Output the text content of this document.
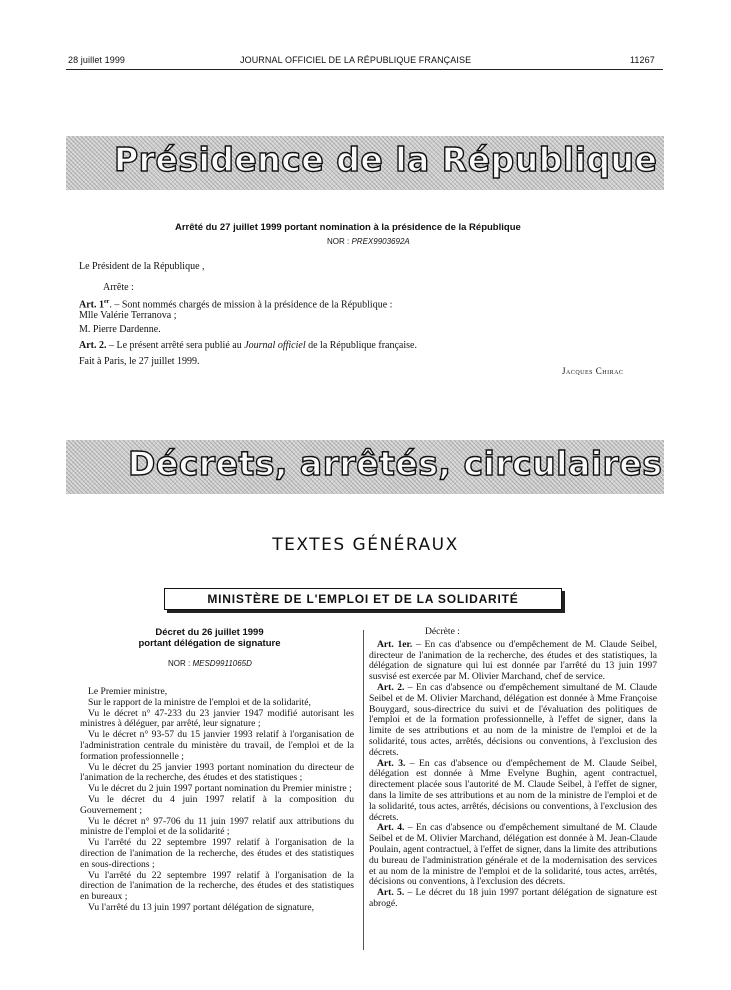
28 juillet 1999	JOURNAL OFFICIEL DE LA RÉPUBLIQUE FRANÇAISE	11267
Présidence de la République
Arrêté du 27 juillet 1999 portant nomination à la présidence de la République
NOR : PREX9903692A
Le Président de la République ,
Arrête :
Art. 1er. – Sont nommés chargés de mission à la présidence de la République :
Mlle Valérie Terranova ;
M. Pierre Dardenne.
Art. 2. – Le présent arrêté sera publié au Journal officiel de la République française.
Fait à Paris, le 27 juillet 1999.
Jacques Chirac
Décrets, arrêtés, circulaires
TEXTES GÉNÉRAUX
MINISTÈRE DE L'EMPLOI ET DE LA SOLIDARITÉ
Décret du 26 juillet 1999
portant délégation de signature
NOR : MESD9911065D

Le Premier ministre,

Sur le rapport de la ministre de l'emploi et de la solidarité,

Vu le décret n° 47-233 du 23 janvier 1947 modifié autorisant les ministres à déléguer, par arrêté, leur signature ;

Vu le décret n° 93-57 du 15 janvier 1993 relatif à l'organisation de l'administration centrale du ministère du travail, de l'emploi et de la formation professionnelle ;

Vu le décret du 25 janvier 1993 portant nomination du directeur de l'animation de la recherche, des études et des statistiques ;

Vu le décret du 2 juin 1997 portant nomination du Premier ministre ;

Vu le décret du 4 juin 1997 relatif à la composition du Gouvernement ;

Vu le décret n° 97-706 du 11 juin 1997 relatif aux attributions du ministre de l'emploi et de la solidarité ;

Vu l'arrêté du 22 septembre 1997 relatif à l'organisation de la direction de l'animation de la recherche, des études et des statistiques en sous-directions ;

Vu l'arrêté du 22 septembre 1997 relatif à l'organisation de la direction de l'animation de la recherche, des études et des statistiques en bureaux ;

Vu l'arrêté du 13 juin 1997 portant délégation de signature,

Décrète :

Art. 1er. – En cas d'absence ou d'empêchement de M. Claude Seibel, directeur de l'animation de la recherche, des études et des statistiques, la délégation de signature qui lui est donnée par l'arrêté du 13 juin 1997 susvisé est exercée par M. Olivier Marchand, chef de service.

Art. 2. – En cas d'absence ou d'empêchement simultané de M. Claude Seibel et de M. Olivier Marchand, délégation est donnée à Mme Françoise Bouygard, sous-directrice du suivi et de l'évaluation des politiques de l'emploi et de la formation professionnelle, à l'effet de signer, dans la limite de ses attributions et au nom de la ministre de l'emploi et de la solidarité, tous actes, arrêtés, décisions ou conventions, à l'exclusion des décrets.

Art. 3. – En cas d'absence ou d'empêchement de M. Claude Seibel, délégation est donnée à Mme Evelyne Bughin, agent contractuel, directement placée sous l'autorité de M. Claude Seibel, à l'effet de signer, dans la limite de ses attributions et au nom de la ministre de l'emploi et de la solidarité, tous actes, arrêtés, décisions ou conventions, à l'exclusion des décrets.

Art. 4. – En cas d'absence ou d'empêchement simultané de M. Claude Seibel et de M. Olivier Marchand, délégation est donnée à M. Jean-Claude Poulain, agent contractuel, à l'effet de signer, dans la limite des attributions du bureau de l'administration générale et de la modernisation des services et au nom de la ministre de l'emploi et de la solidarité, tous actes, arrêtés, décisions ou conventions, à l'exclusion des décrets.

Art. 5. – Le décret du 18 juin 1997 portant délégation de signature est abrogé.
